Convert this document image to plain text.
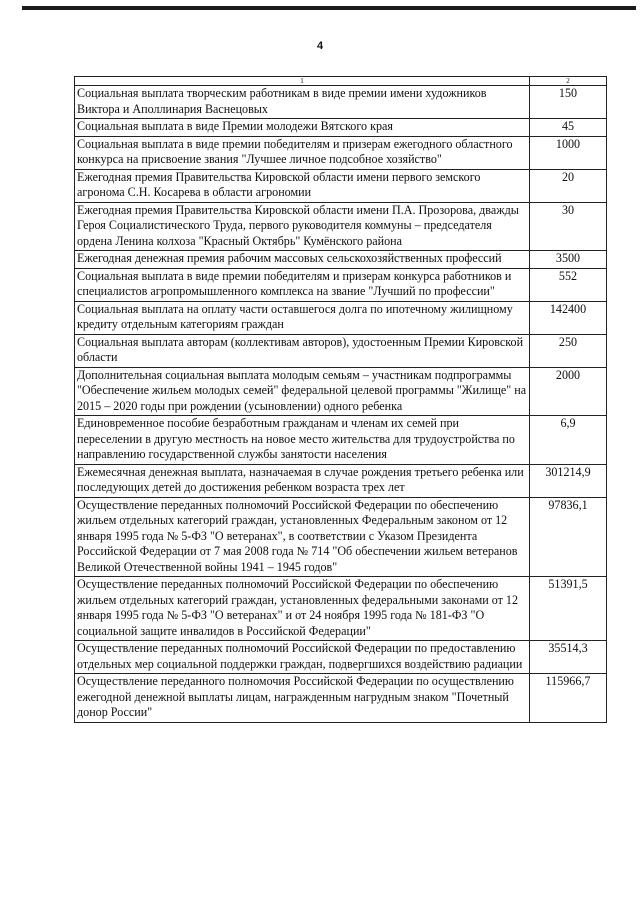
4
1	2
Социальная выплата творческим работникам в виде премии имени художников Виктора и Аполлинария Васнецовых	150
Социальная выплата в виде Премии молодежи Вятского края	45
Социальная выплата в виде премии победителям и призерам ежегодного областного конкурса на присвоение звания "Лучшее личное подсобное хозяйство"	1000
Ежегодная премия Правительства Кировской области имени первого земского агронома С.Н. Косарева в области агрономии	20
Ежегодная премия Правительства Кировской области имени П.А. Прозорова, дважды Героя Социалистического Труда, первого руководителя коммуны – председателя ордена Ленина колхоза "Красный Октябрь" Кумёнского района	30
Ежегодная денежная премия рабочим массовых сельскохозяйственных профессий	3500
Социальная выплата в виде премии победителям и призерам конкурса работников и специалистов агропромышленного комплекса на звание "Лучший по профессии"	552
Социальная выплата на оплату части оставшегося долга по ипотечному жилищному кредиту отдельным категориям граждан	142400
Социальная выплата авторам (коллективам авторов), удостоенным Премии Кировской области	250
Дополнительная социальная выплата молодым семьям – участникам подпрограммы "Обеспечение жильем молодых семей" федеральной целевой программы "Жилище" на 2015 – 2020 годы при рождении (усыновлении) одного ребенка	2000
Единовременное пособие безработным гражданам и членам их семей при переселении в другую местность на новое место жительства для трудоустройства по направлению государственной службы занятости населения	6,9
Ежемесячная денежная выплата, назначаемая в случае рождения третьего ребенка или последующих детей до достижения ребенком возраста трех лет	301214,9
Осуществление переданных полномочий Российской Федерации по обеспечению жильем отдельных категорий граждан, установленных Федеральным законом от 12 января 1995 года № 5-ФЗ "О ветеранах", в соответствии с Указом Президента Российской Федерации от 7 мая 2008 года № 714 "Об обеспечении жильем ветеранов Великой Отечественной войны 1941 – 1945 годов"	97836,1
Осуществление переданных полномочий Российской Федерации по обеспечению жильем отдельных категорий граждан, установленных федеральными законами от 12 января 1995 года № 5-ФЗ "О ветеранах" и от 24 ноября 1995 года № 181-ФЗ "О социальной защите инвалидов в Российской Федерации"	51391,5
Осуществление переданных полномочий Российской Федерации по предоставлению отдельных мер социальной поддержки граждан, подвергшихся воздействию радиации	35514,3
Осуществление переданного полномочия Российской Федерации по осуществлению ежегодной денежной выплаты лицам, награжденным нагрудным знаком "Почетный донор России"	115966,7
